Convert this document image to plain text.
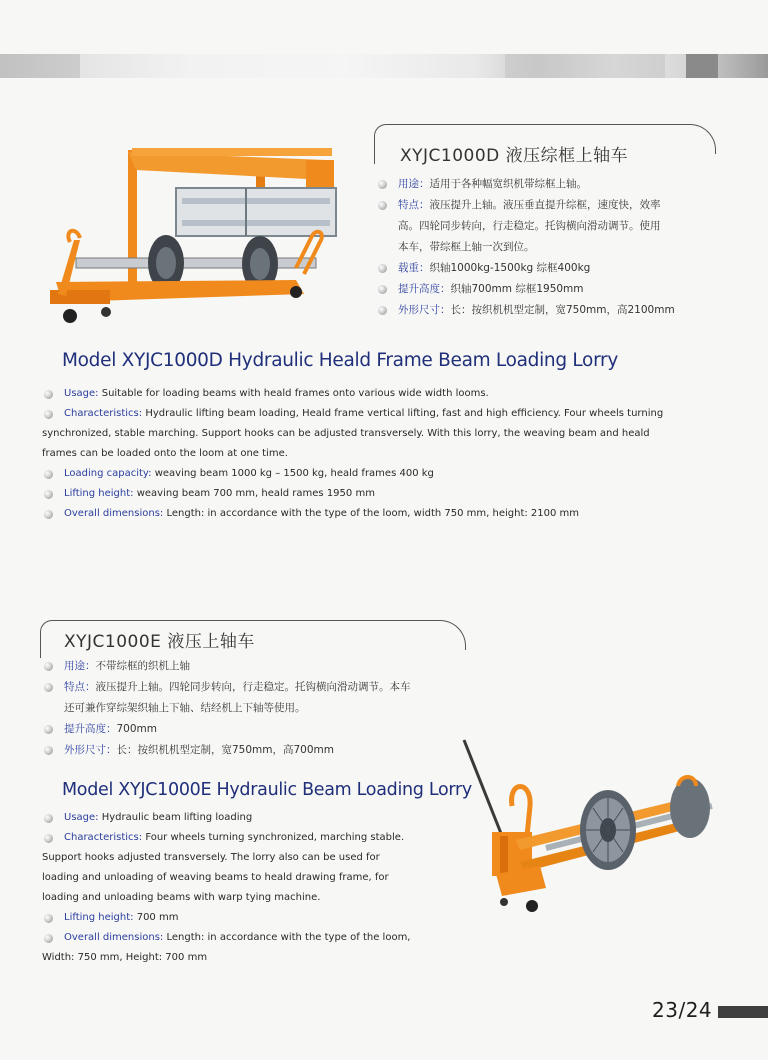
XYJC1000D 液压综框上轴车
用途：适用于各种幅宽织机带综框上轴。
特点：液压提升上轴。液压垂直提升综框，速度快，效率
高。四轮同步转向，行走稳定。托钩横向滑动调节。使用
本车，带综框上轴一次到位。
载重：织轴1000kg-1500kg 综框400kg
提升高度：织轴700mm 综框1950mm
外形尺寸：长：按织机机型定制，宽750mm，高2100mm
Model XYJC1000D Hydraulic Heald Frame Beam Loading Lorry
Usage: Suitable for loading beams with heald frames onto various wide width looms.
Characteristics: Hydraulic lifting beam loading, Heald frame vertical lifting, fast and high efficiency. Four wheels turning
synchronized, stable marching. Support hooks can be adjusted transversely. With this lorry, the weaving beam and heald
frames can be loaded onto the loom at one time.
Loading capacity: weaving beam 1000 kg – 1500 kg, heald frames 400 kg
Lifting height: weaving beam 700 mm, heald rames 1950 mm
Overall dimensions: Length: in accordance with the type of the loom, width 750 mm, height: 2100 mm
XYJC1000E 液压上轴车
用途：不带综框的织机上轴
特点：液压提升上轴。四轮同步转向，行走稳定。托钩横向滑动调节。本车
还可兼作穿综架织轴上下轴、结经机上下轴等使用。
提升高度：700mm
外形尺寸：长：按织机机型定制，宽750mm，高700mm
Model XYJC1000E Hydraulic Beam Loading Lorry
Usage: Hydraulic beam lifting loading
Characteristics: Four wheels turning synchronized, marching stable.
Support hooks adjusted transversely. The lorry also can be used for
loading and unloading of weaving beams to heald drawing frame, for
loading and unloading beams with warp tying machine.
Lifting height: 700 mm
Overall dimensions: Length: in accordance with the type of the loom,
Width: 750 mm, Height: 700 mm
23/24
